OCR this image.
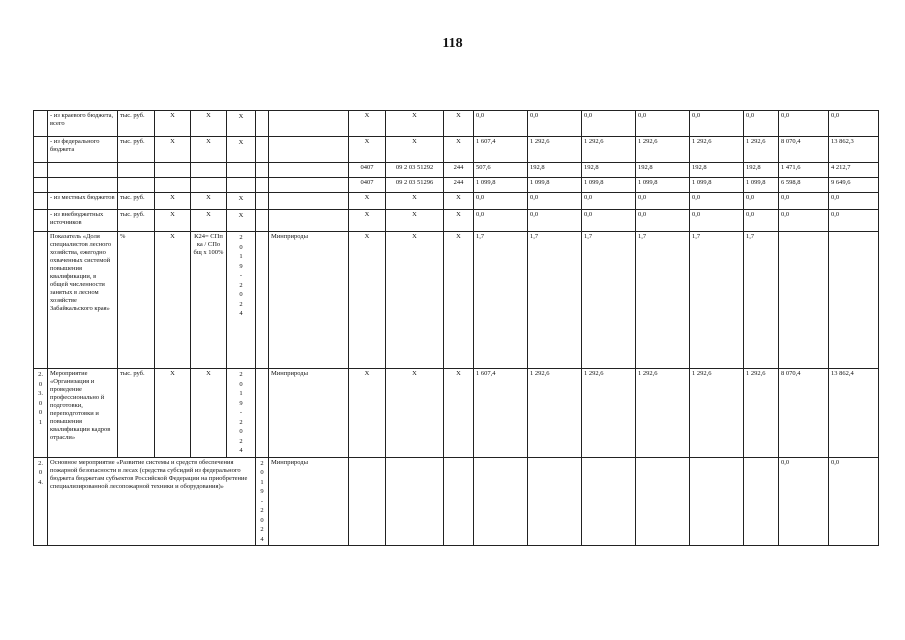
118
	- из краевого бюджета, всего	тыс. руб.	X	X	X			X	X	X	0,0	0,0	0,0	0,0	0,0	0,0	0,0	0,0
	- из федерального бюджета	тыс. руб.	X	X	X			X	X	X	1 607,4	1 292,6	1 292,6	1 292,6	1 292,6	1 292,6	8 070,4	13 862,3
								0407	09 2 03 51292	244	507,6	192,8	192,8	192,8	192,8	192,8	1 471,6	4 212,7
								0407	09 2 03 51296	244	1 099,8	1 099,8	1 099,8	1 099,8	1 099,8	1 099,8	6 598,8	9 649,6
	- из местных бюджетов	тыс. руб.	X	X	X			X	X	X	0,0	0,0	0,0	0,0	0,0	0,0	0,0	0,0
	- из внебюджетных источников	тыс. руб.	X	X	X			X	X	X	0,0	0,0	0,0	0,0	0,0	0,0	0,0	0,0
	Показатель «Доля специалистов лесного хозяйства, ежегодно охваченных системой повышения квалификации, в общей численности занятых в лесном хозяйстве Забайкальского края»	%	X	К24= СПп ка / СПо бщ x 100%	2019-2024		Минприроды	X	X	X	1,7	1,7	1,7	1,7	1,7	1,7		

2.03.001	Мероприятие «Организация и проведение профессионально й подготовки, переподготовки и повышения квалификации кадров отрасли»	тыс. руб.	X	X	2019-2024		Минприроды	X	X	X	1 607,4	1 292,6	1 292,6	1 292,6	1 292,6	1 292,6	8 070,4	13 862,4

2.04.	Основное мероприятие «Развитие системы и средств обеспечения пожарной безопасности в лесах (средства субсидий из федерального бюджета бюджетам субъектов Российской Федерации на приобретение специализированной лесопожарной техники и оборудования)»					2019-2024	Минприроды										0,0	0,0
